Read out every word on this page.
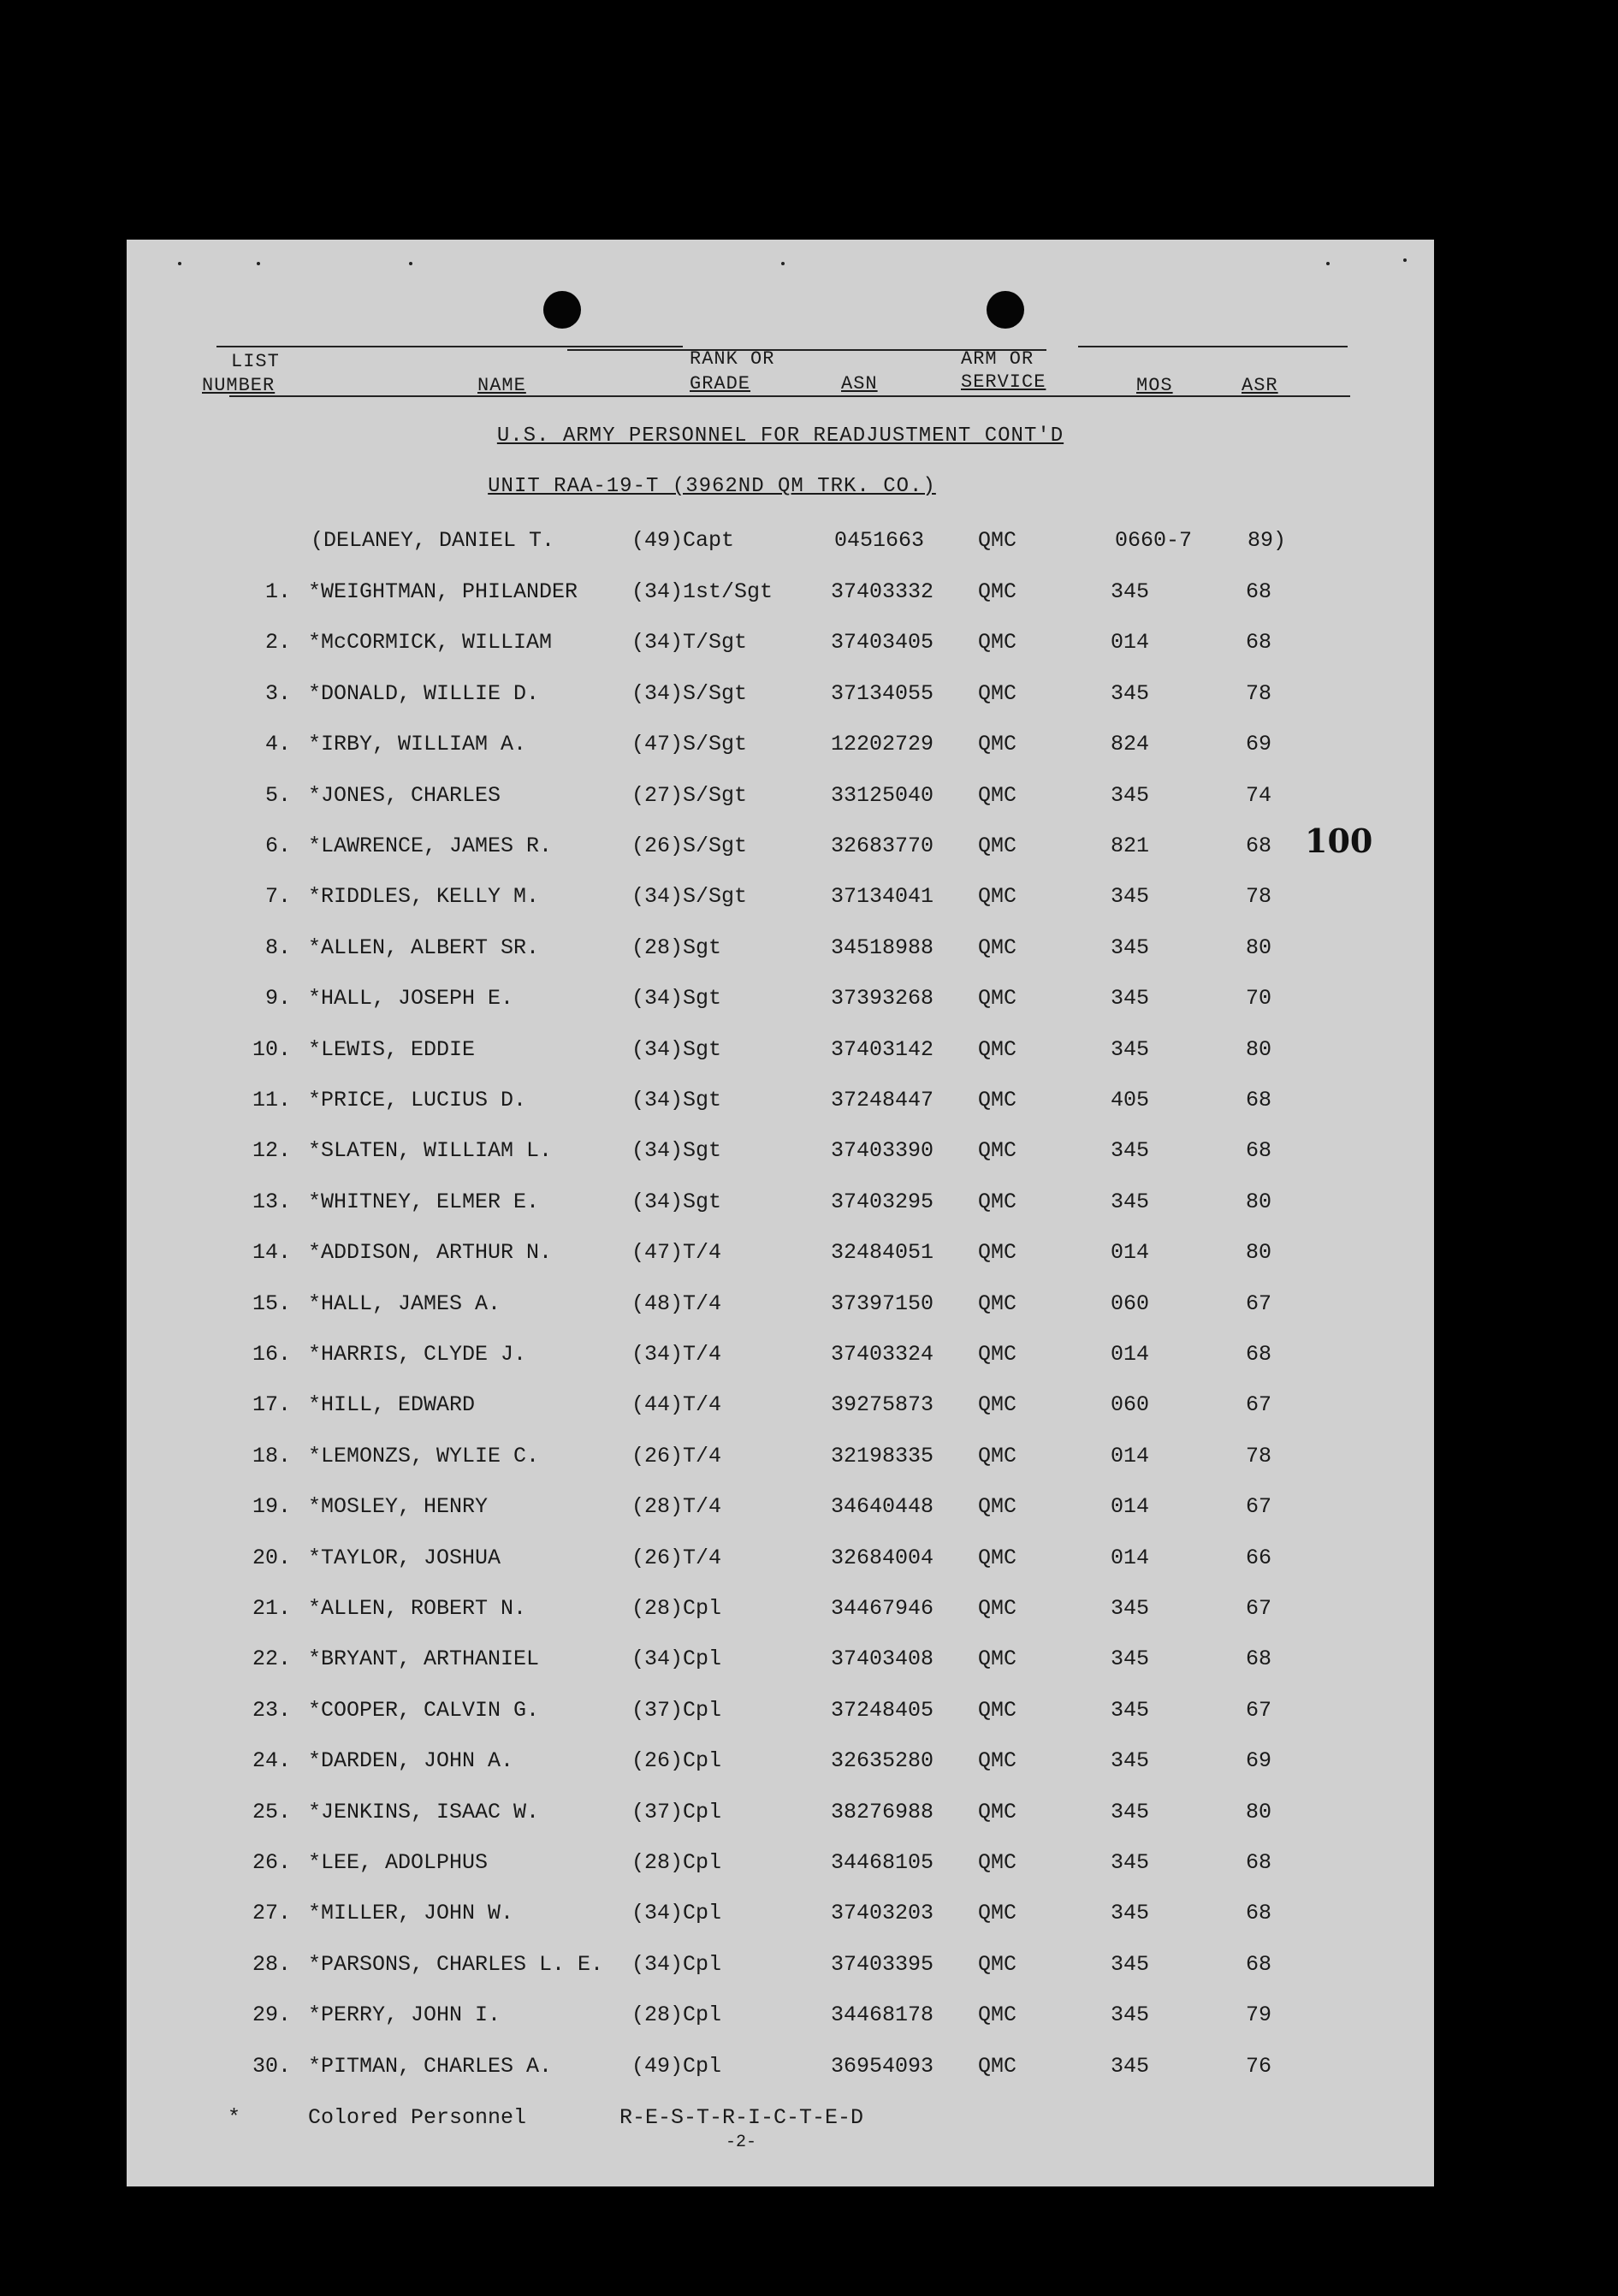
LIST
NUMBER	NAME
RANK OR
GRADE	ASN
ARM OR
SERVICE	MOS	ASR
U.S. ARMY PERSONNEL FOR READJUSTMENT CONT'D
UNIT RAA-19-T (3962ND QM TRK. CO.)
(DELANEY, DANIEL T.	(49)Capt	0451663	QMC	0660-7	89)
100
1. *WEIGHTMAN, PHILANDER	(34)1st/Sgt	37403332 QMC	345	68
2. *McCORMICK, WILLIAM	(34)T/Sgt	37403405 QMC	014	68
3. *DONALD, WILLIE D.	(34)S/Sgt	37134055 QMC	345	78
4. *IRBY, WILLIAM A.	(47)S/Sgt	12202729 QMC	824	69
5. *JONES, CHARLES	(27)S/Sgt	33125040 QMC	345	74
6. *LAWRENCE, JAMES R.	(26)S/Sgt	32683770 QMC	821	68
7. *RIDDLES, KELLY M.	(34)S/Sgt	37134041 QMC	345	78
8. *ALLEN, ALBERT SR.	(28)Sgt	34518988 QMC	345	80
9. *HALL, JOSEPH E.	(34)Sgt	37393268 QMC	345	70
10. *LEWIS, EDDIE	(34)Sgt	37403142 QMC	345	80
11. *PRICE, LUCIUS D.	(34)Sgt	37248447 QMC	405	68
12. *SLATEN, WILLIAM L.	(34)Sgt	37403390 QMC	345	68
13. *WHITNEY, ELMER E.	(34)Sgt	37403295 QMC	345	80
14. *ADDISON, ARTHUR N.	(47)T/4	32484051 QMC	014	80
15. *HALL, JAMES A.	(48)T/4	37397150 QMC	060	67
16. *HARRIS, CLYDE J.	(34)T/4	37403324 QMC	014	68
17. *HILL, EDWARD	(44)T/4	39275873 QMC	060	67
18. *LEMONZS, WYLIE C.	(26)T/4	32198335 QMC	014	78
19. *MOSLEY, HENRY	(28)T/4	34640448 QMC	014	67
20. *TAYLOR, JOSHUA	(26)T/4	32684004 QMC	014	66
21. *ALLEN, ROBERT N.	(28)Cpl	34467946 QMC	345	67
22. *BRYANT, ARTHANIEL	(34)Cpl	37403408 QMC	345	68
23. *COOPER, CALVIN G.	(37)Cpl	37248405 QMC	345	67
24. *DARDEN, JOHN A.	(26)Cpl	32635280 QMC	345	69
25. *JENKINS, ISAAC W.	(37)Cpl	38276988 QMC	345	80
26. *LEE, ADOLPHUS	(28)Cpl	34468105 QMC	345	68
27. *MILLER, JOHN W.	(34)Cpl	37403203 QMC	345	68
28. *PARSONS, CHARLES L. E. (34)Cpl	37403395 QMC	345	68
29. *PERRY, JOHN I.	(28)Cpl	34468178 QMC	345	79
30. *PITMAN, CHARLES A.	(49)Cpl	36954093 QMC	345	76
*	Colored Personnel	R-E-S-T-R-I-C-T-E-D
-2-
